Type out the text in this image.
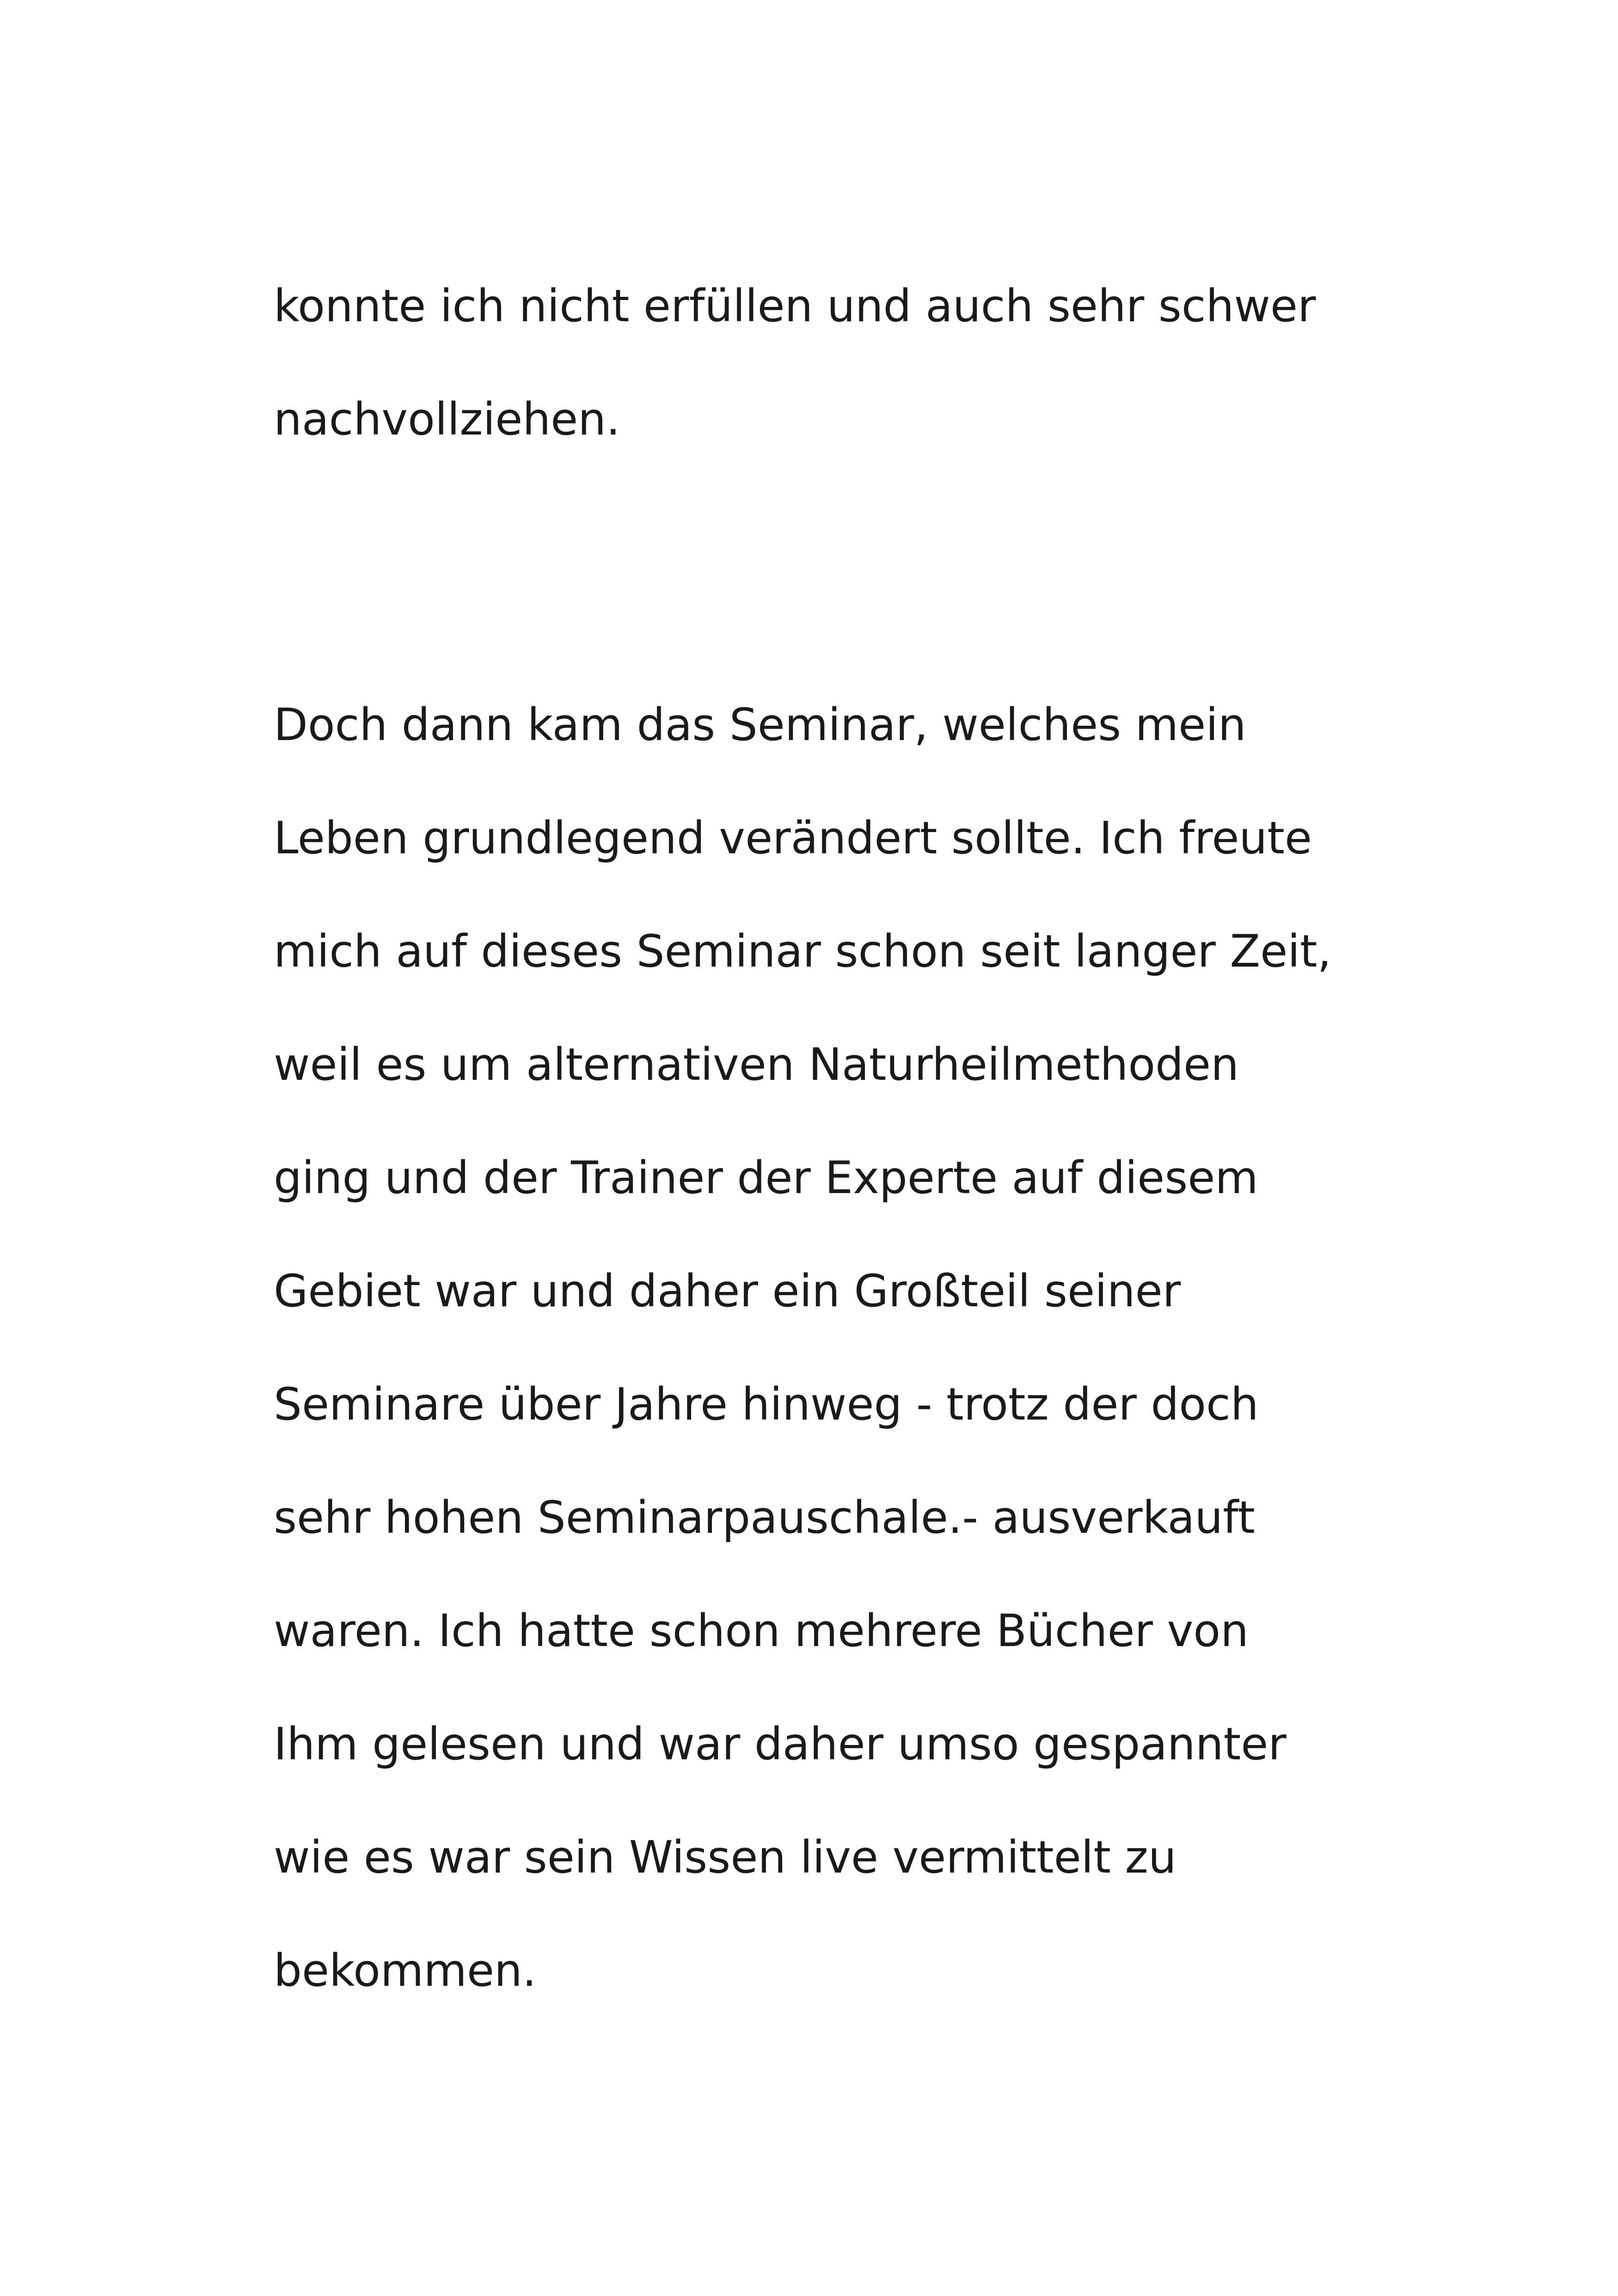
konnte ich nicht erfüllen und auch sehr schwer
nachvollziehen.

Doch dann kam das Seminar, welches mein
Leben grundlegend verändert sollte. Ich freute
mich auf dieses Seminar schon seit langer Zeit,
weil es um alternativen Naturheilmethoden
ging und der Trainer der Experte auf diesem
Gebiet war und daher ein Großteil seiner
Seminare über Jahre hinweg - trotz der doch
sehr hohen Seminarpauschale.- ausverkauft
waren. Ich hatte schon mehrere Bücher von
Ihm gelesen und war daher umso gespannter
wie es war sein Wissen live vermittelt zu
bekommen.
